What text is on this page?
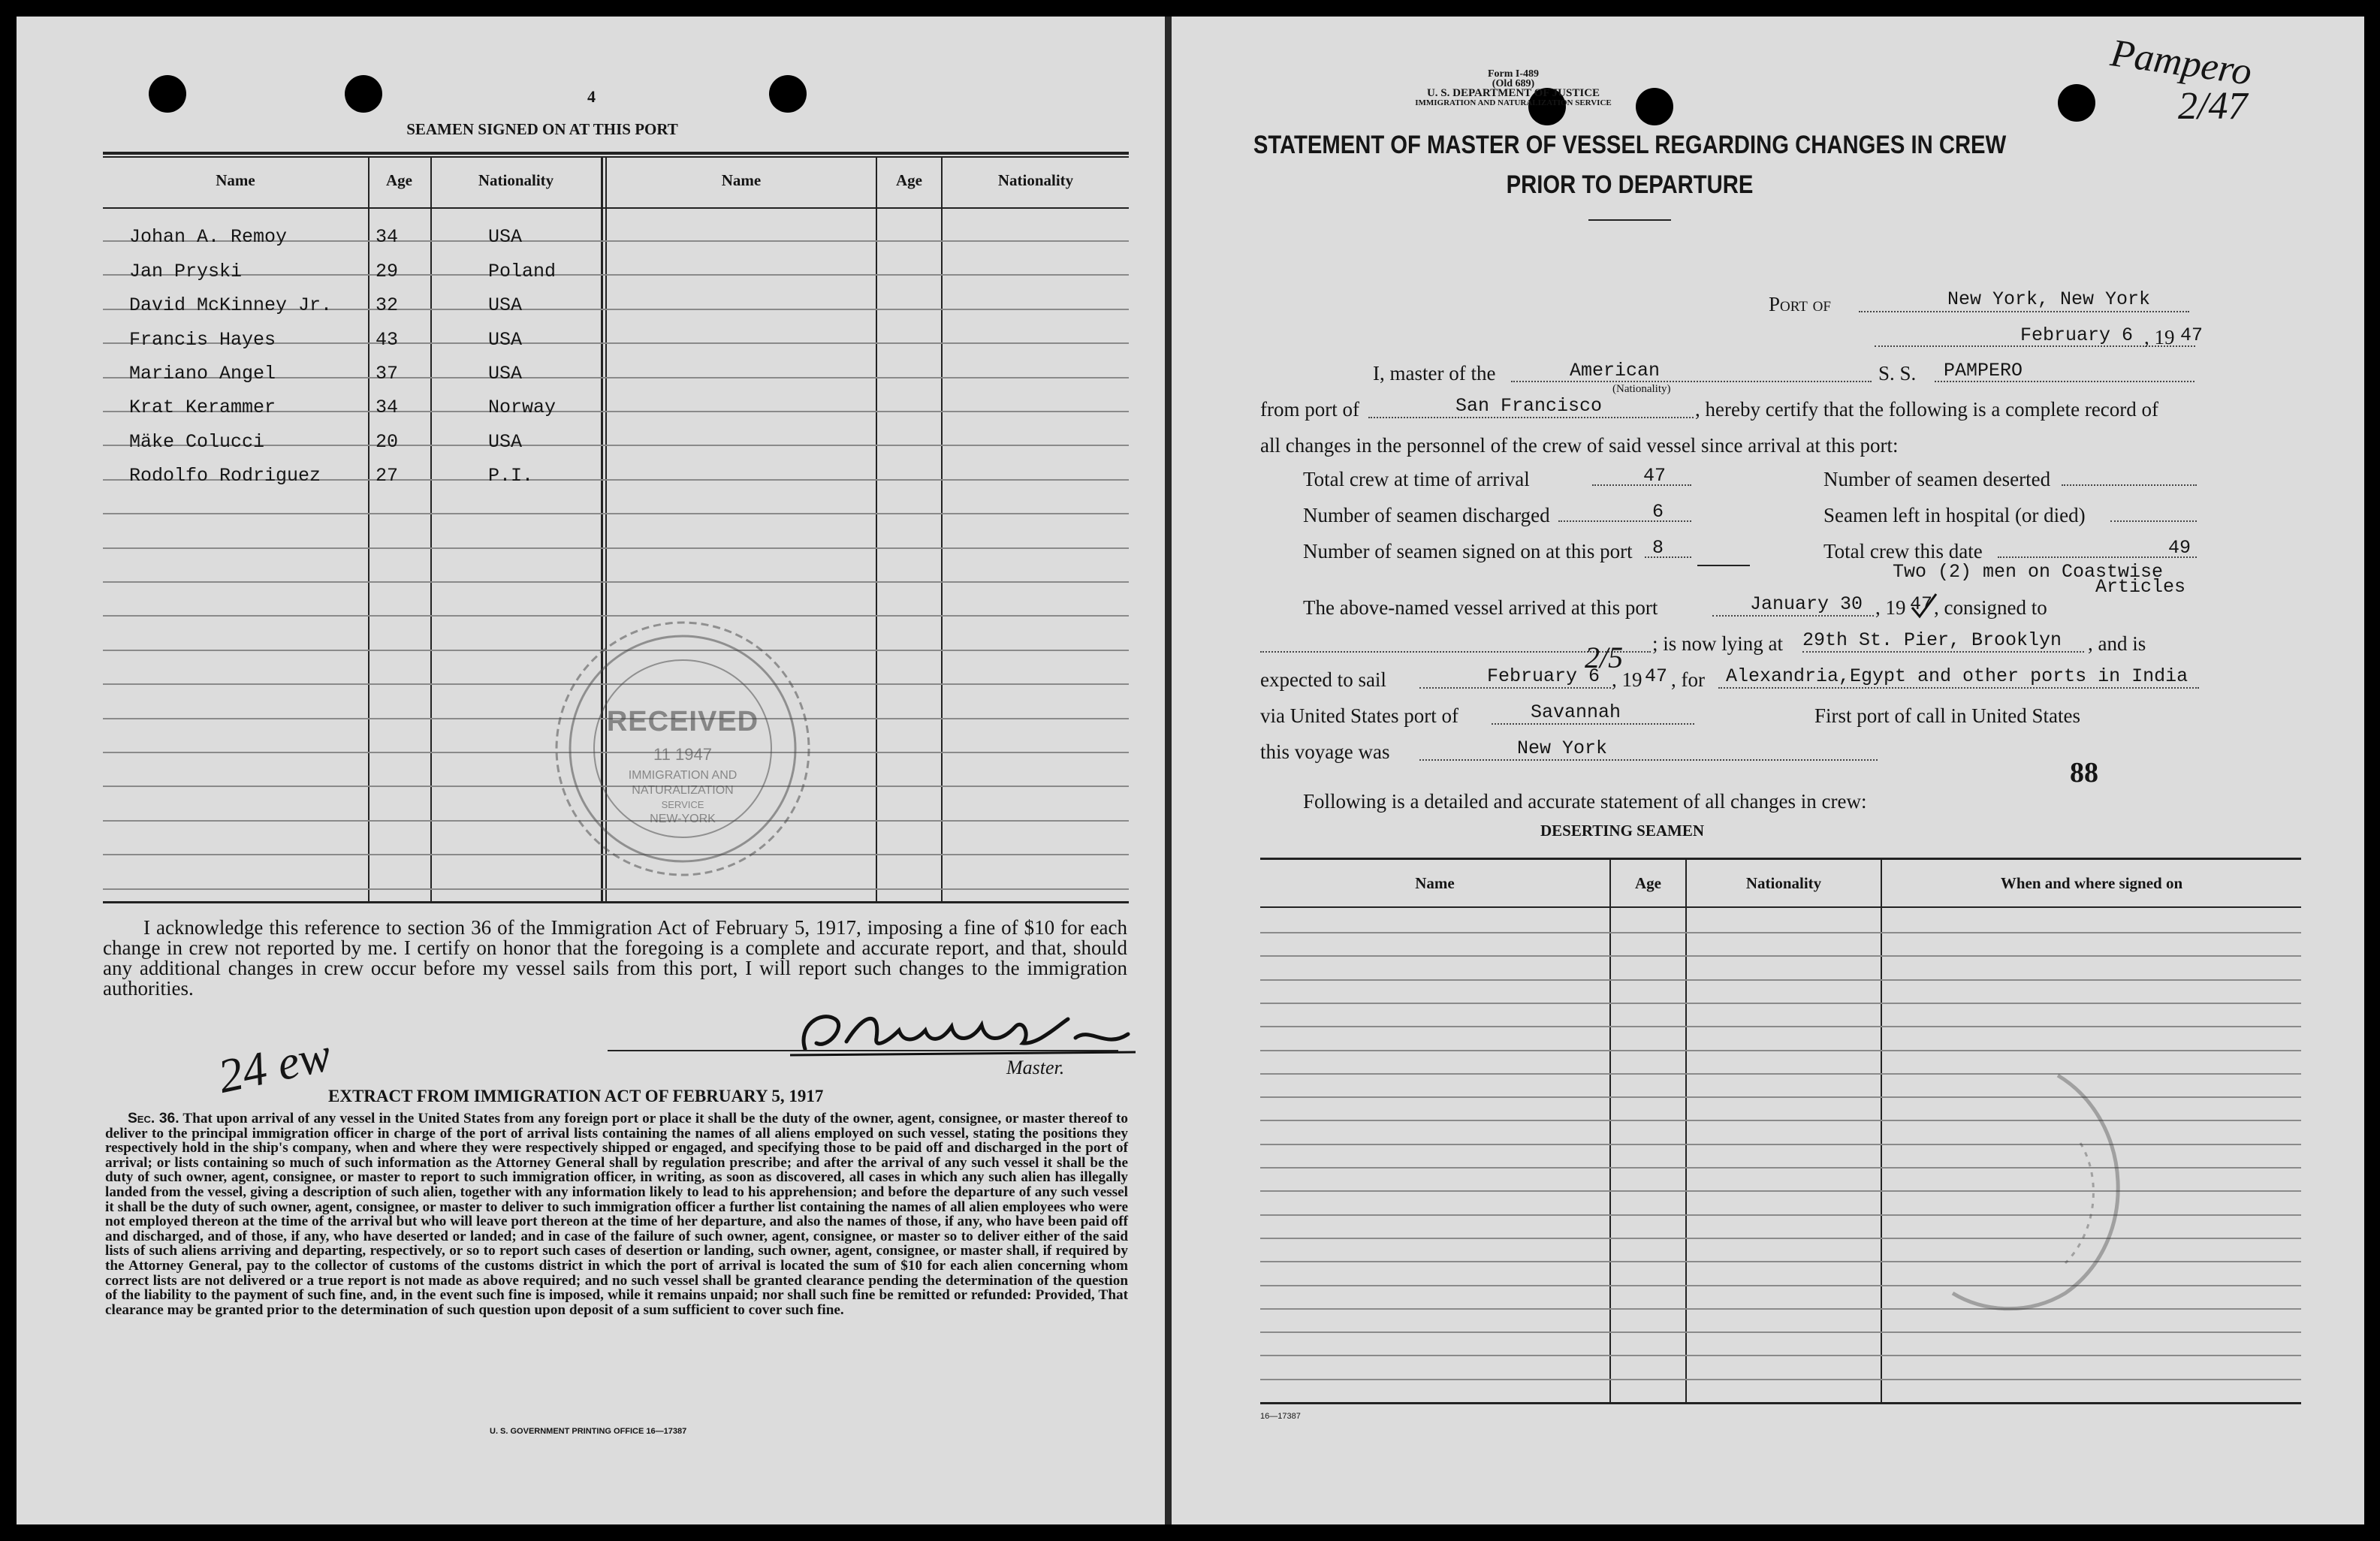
4
SEAMEN SIGNED ON AT THIS PORT
Name	Age	Nationality	Name	Age	Nationality
Johan A. Remoy	34	USA
Jan Pryski	29	Poland
David McKinney Jr. 32	USA
Francis Hayes	43	USA
Mariano Angel	37	USA
Krat Kerammer	34	Norway
Mäke Colucci	20	USA
Rodolfo Rodriguez	27	P.I.
RECEIVED
11 1947
IMMIGRATION AND
NATURALIZATION
SERVICE
NEW-YORK
I acknowledge this reference to section 36 of the Immigration Act of February 5, 1917, imposing a fine of $10 for each change in crew not reported by me. I certify on honor that the foregoing is a complete and accurate report, and that, should any additional changes in crew occur before my vessel sails from this port, I will report such changes to the immigration authorities.
Master.
24 ew
EXTRACT FROM IMMIGRATION ACT OF FEBRUARY 5, 1917
Sec. 36. That upon arrival of any vessel in the United States from any foreign port or place it shall be the duty of the owner, agent, consignee, or master thereof to deliver to the principal immigration officer in charge of the port of arrival lists containing the names of all aliens employed on such vessel, stating the positions they respectively hold in the ship's company, when and where they were respectively shipped or engaged, and specifying those to be paid off and discharged in the port of arrival; or lists containing so much of such information as the Attorney General shall by regulation prescribe; and after the arrival of any such vessel it shall be the duty of such owner, agent, consignee, or master to report to such immigration officer, in writing, as soon as discovered, all cases in which any such alien has illegally landed from the vessel, giving a description of such alien, together with any information likely to lead to his apprehension; and before the departure of any such vessel it shall be the duty of such owner, agent, consignee, or master to deliver to such immigration officer a further list containing the names of all alien employees who were not employed thereon at the time of the arrival but who will leave port thereon at the time of her departure, and also the names of those, if any, who have been paid off and discharged, and of those, if any, who have deserted or landed; and in case of the failure of such owner, agent, consignee, or master so to deliver either of the said lists of such aliens arriving and departing, respectively, or so to report such cases of desertion or landing, such owner, agent, consignee, or master shall, if required by the Attorney General, pay to the collector of customs of the customs district in which the port of arrival is located the sum of $10 for each alien concerning whom correct lists are not delivered or a true report is not made as above required; and no such vessel shall be granted clearance pending the determination of the question of the liability to the payment of such fine, and, in the event such fine is imposed, while it remains unpaid; nor shall such fine be remitted or refunded: Provided, That clearance may be granted prior to the determination of such question upon deposit of a sum sufficient to cover such fine.
U. S. GOVERNMENT PRINTING OFFICE 16—17387
Form I-489
(Old 689)
U. S. DEPARTMENT OF JUSTICE
IMMIGRATION AND NATURALIZATION SERVICE
Pampero
2/47
STATEMENT OF MASTER OF VESSEL REGARDING CHANGES IN CREW
PRIOR TO DEPARTURE
Port of	New York, New York
February 6 , 19 47
I, master of the	American
(Nationality)
S. S. PAMPERO
from port of	San Francisco	, hereby certify that the following is a complete record of
all changes in the personnel of the crew of said vessel since arrival at this port:
Total crew at time of arrival	47
Number of seamen discharged	6
Number of seamen signed on at this port 8
Number of seamen deserted
Seamen left in hospital (or died)
Total crew this date	49
Two (2) men on Coastwise
Articles
The above-named vessel arrived at this port	January 30 , 19 47 , consigned to
; is now lying at 29th St. Pier, Brooklyn , and is
expected to sail	February 6
2/5
, 19 47 , for Alexandria,Egypt and other ports in India
via United States port of	Savannah	First port of call in United States
this voyage was	New York
88
Following is a detailed and accurate statement of all changes in crew:
DESERTING SEAMEN
Name	Age	Nationality	When and where signed on
16—17387
